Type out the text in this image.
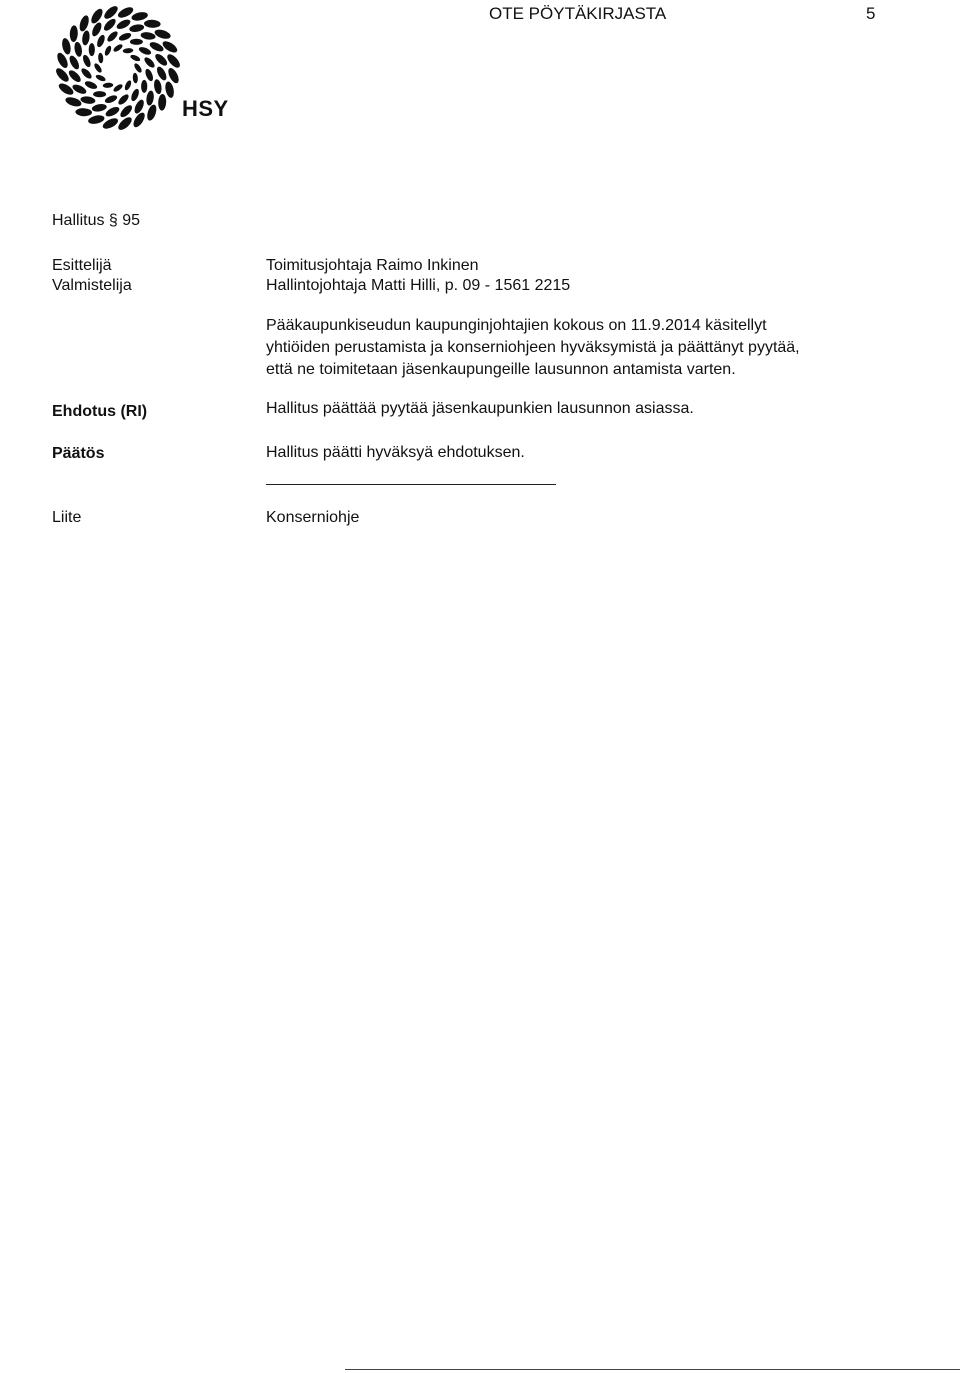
HSY
OTE PÖYTÄKIRJASTA	5
Hallitus § 95
Esittelijä	Toimitusjohtaja Raimo Inkinen
Valmistelija	Hallintojohtaja Matti Hilli, p. 09 - 1561 2215
Pääkaupunkiseudun kaupunginjohtajien kokous on 11.9.2014 käsitellyt
yhtiöiden perustamista ja konserniohjeen hyväksymistä ja päättänyt pyytää,
että ne toimitetaan jäsenkaupungeille lausunnon antamista varten.
Ehdotus (RI)	Hallitus päättää pyytää jäsenkaupunkien lausunnon asiassa.
Päätös	Hallitus päätti hyväksyä ehdotuksen.
Liite	Konserniohje
